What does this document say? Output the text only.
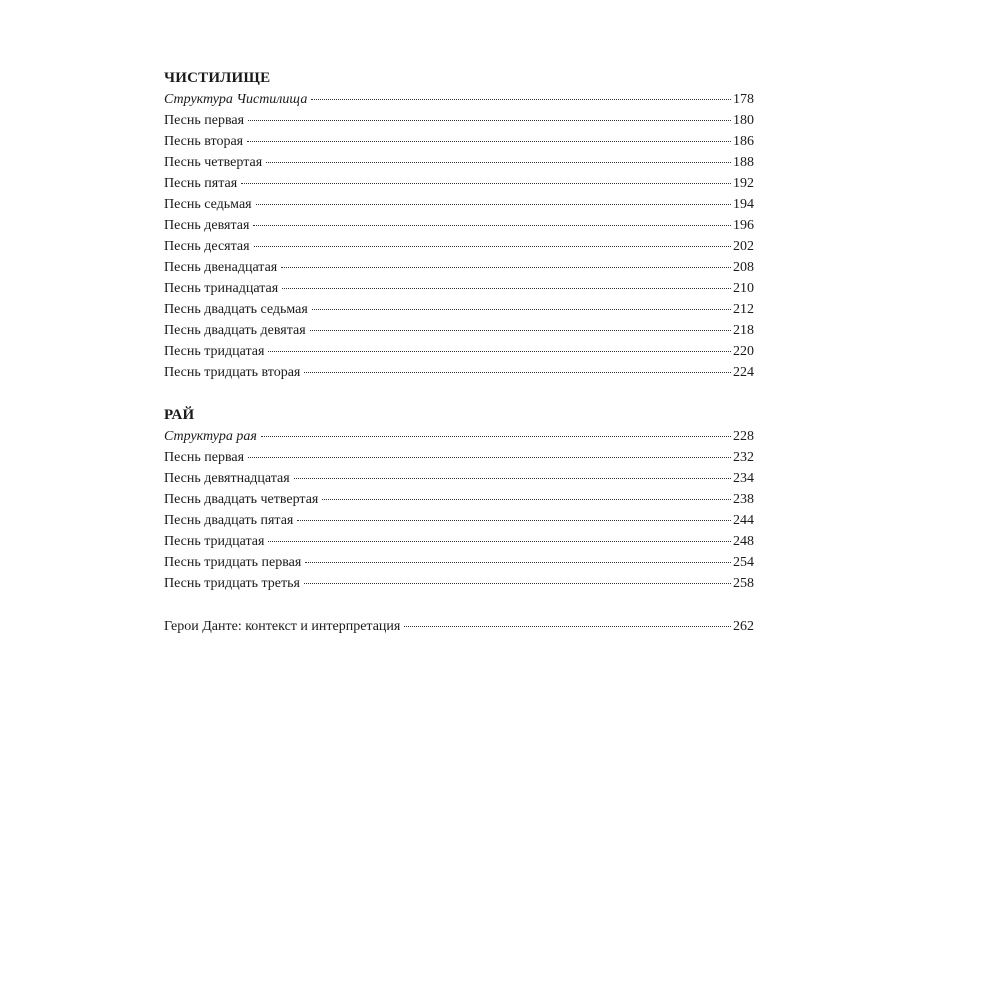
ЧИСТИЛИЩЕ
Структура Чистилища	178
Песнь первая	180
Песнь вторая	186
Песнь четвертая	188
Песнь пятая	192
Песнь седьмая	194
Песнь девятая	196
Песнь десятая	202
Песнь двенадцатая	208
Песнь тринадцатая	210
Песнь двадцать седьмая	212
Песнь двадцать девятая	218
Песнь тридцатая	220
Песнь тридцать вторая	224
РАЙ
Структура рая	228
Песнь первая	232
Песнь девятнадцатая	234
Песнь двадцать четвертая	238
Песнь двадцать пятая	244
Песнь тридцатая	248
Песнь тридцать первая	254
Песнь тридцать третья	258
Герои Данте: контекст и интерпретация	262
